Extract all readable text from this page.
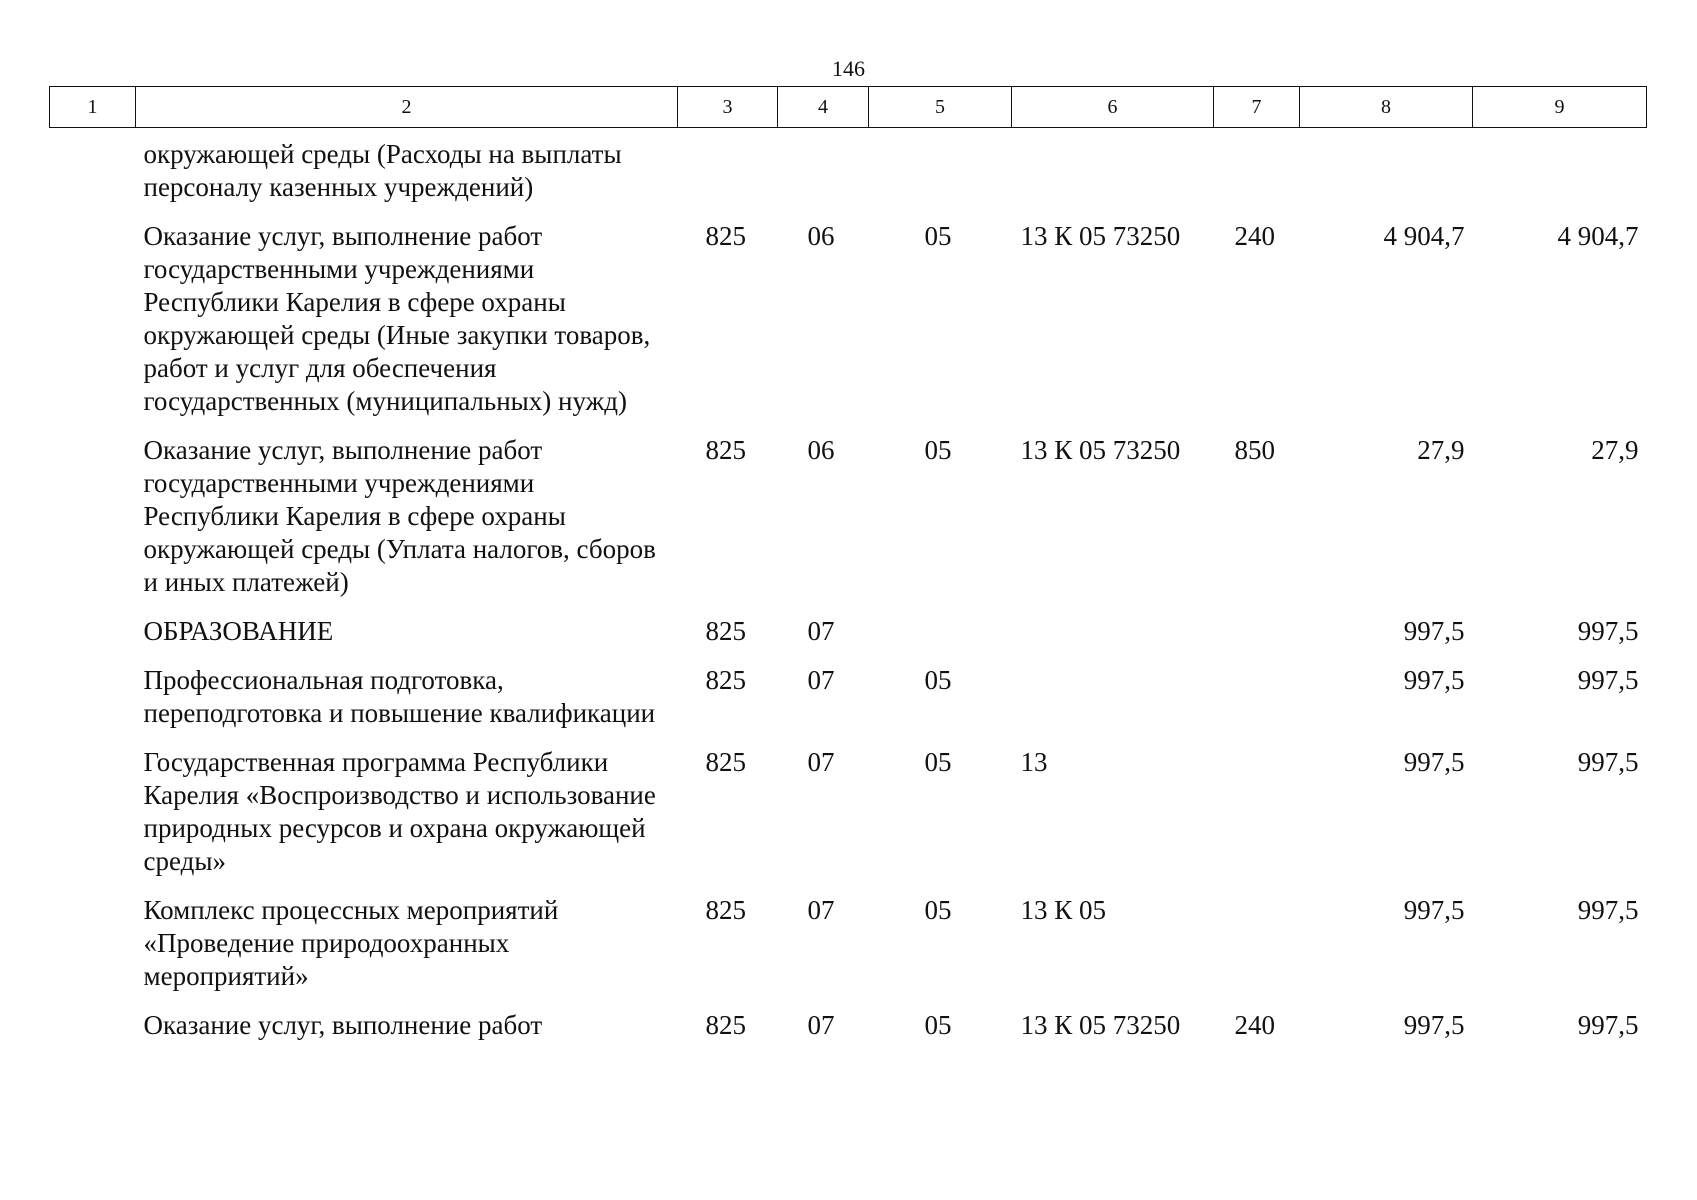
146
1	2	3	4	5	6	7	8	9
	окружающей среды (Расходы на выплаты персоналу казенных учреждений)							
	Оказание услуг, выполнение работ государственными учреждениями Республики Карелия в сфере охраны окружающей среды (Иные закупки товаров, работ и услуг для обеспечения государственных (муниципальных) нужд)	825	06	05	13 К 05 73250	240	4 904,7	4 904,7
	Оказание услуг, выполнение работ государственными учреждениями Республики Карелия в сфере охраны окружающей среды (Уплата налогов, сборов и иных платежей)	825	06	05	13 К 05 73250	850	27,9	27,9
	ОБРАЗОВАНИЕ	825	07				997,5	997,5
	Профессиональная подготовка, переподготовка и повышение квалификации	825	07	05			997,5	997,5
	Государственная программа Республики Карелия «Воспроизводство и использование природных ресурсов и охрана окружающей среды»	825	07	05	13		997,5	997,5
	Комплекс процессных мероприятий «Проведение природоохранных мероприятий»	825	07	05	13 К 05		997,5	997,5
	Оказание услуг, выполнение работ	825	07	05	13 К 05 73250	240	997,5	997,5
